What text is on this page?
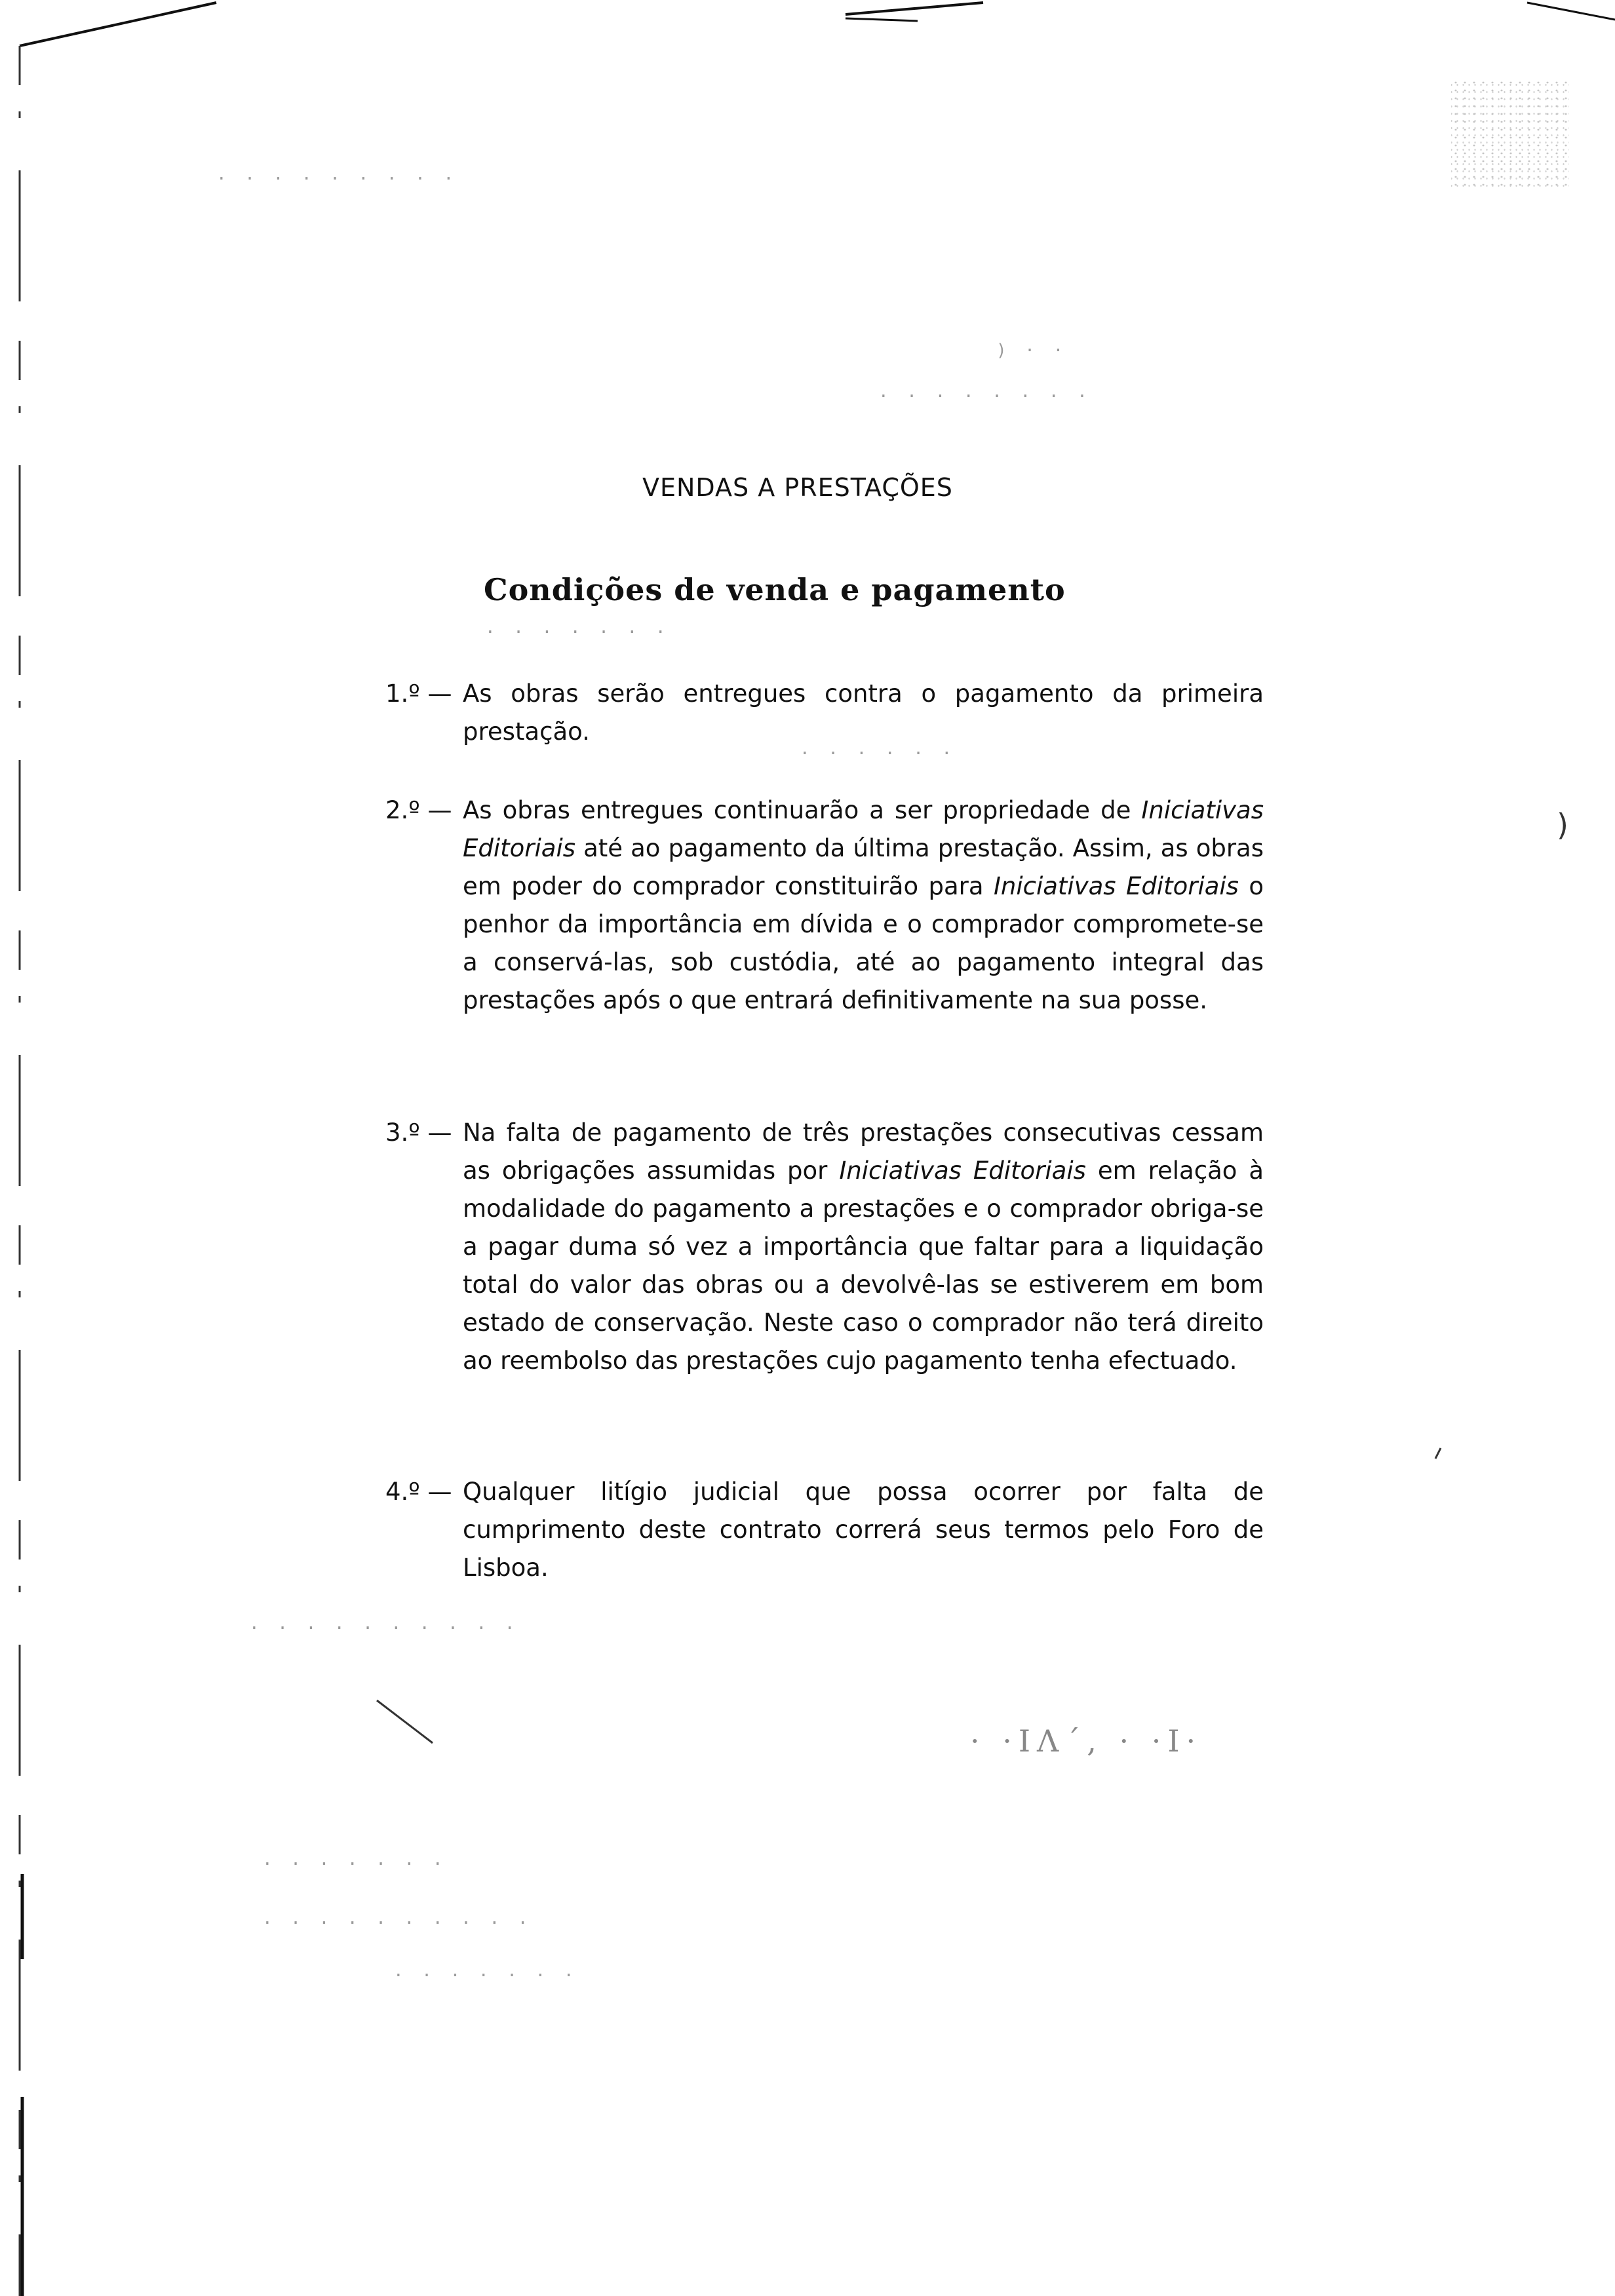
· · · · · · · · ·
) · ·
· · · · · · · ·
· · · · · · ·
· · · · · ·
· · · · · · · · · ·
· · · · · · ·
· · · · · · · · · ·
· · · · · · ·
· ·ΙΛ´, · ·Ι·
)
VENDAS A PRESTAÇÕES
Condições de venda e pagamento
1.º — As obras serão entregues contra o pagamento da primeira prestação.
2.º — As obras entregues continuarão a ser propriedade de Iniciativas Editoriais até ao pagamento da última prestação. Assim, as obras em poder do comprador constituirão para Iniciativas Editoriais o penhor da importância em dívida e o comprador compromete-se a conservá-las, sob custódia, até ao pagamento integral das prestações após o que entrará definitivamente na sua posse.
3.º — Na falta de pagamento de três prestações consecutivas cessam as obrigações assumidas por Iniciativas Editoriais em relação à modalidade do pagamento a prestações e o comprador obriga-se a pagar duma só vez a importância que faltar para a liquidação total do valor das obras ou a devolvê-las se estiverem em bom estado de conservação. Neste caso o comprador não terá direito ao reembolso das prestações cujo pagamento tenha efectuado.
4.º — Qualquer litígio judicial que possa ocorrer por falta de cumprimento deste contrato correrá seus termos pelo Foro de Lisboa.
